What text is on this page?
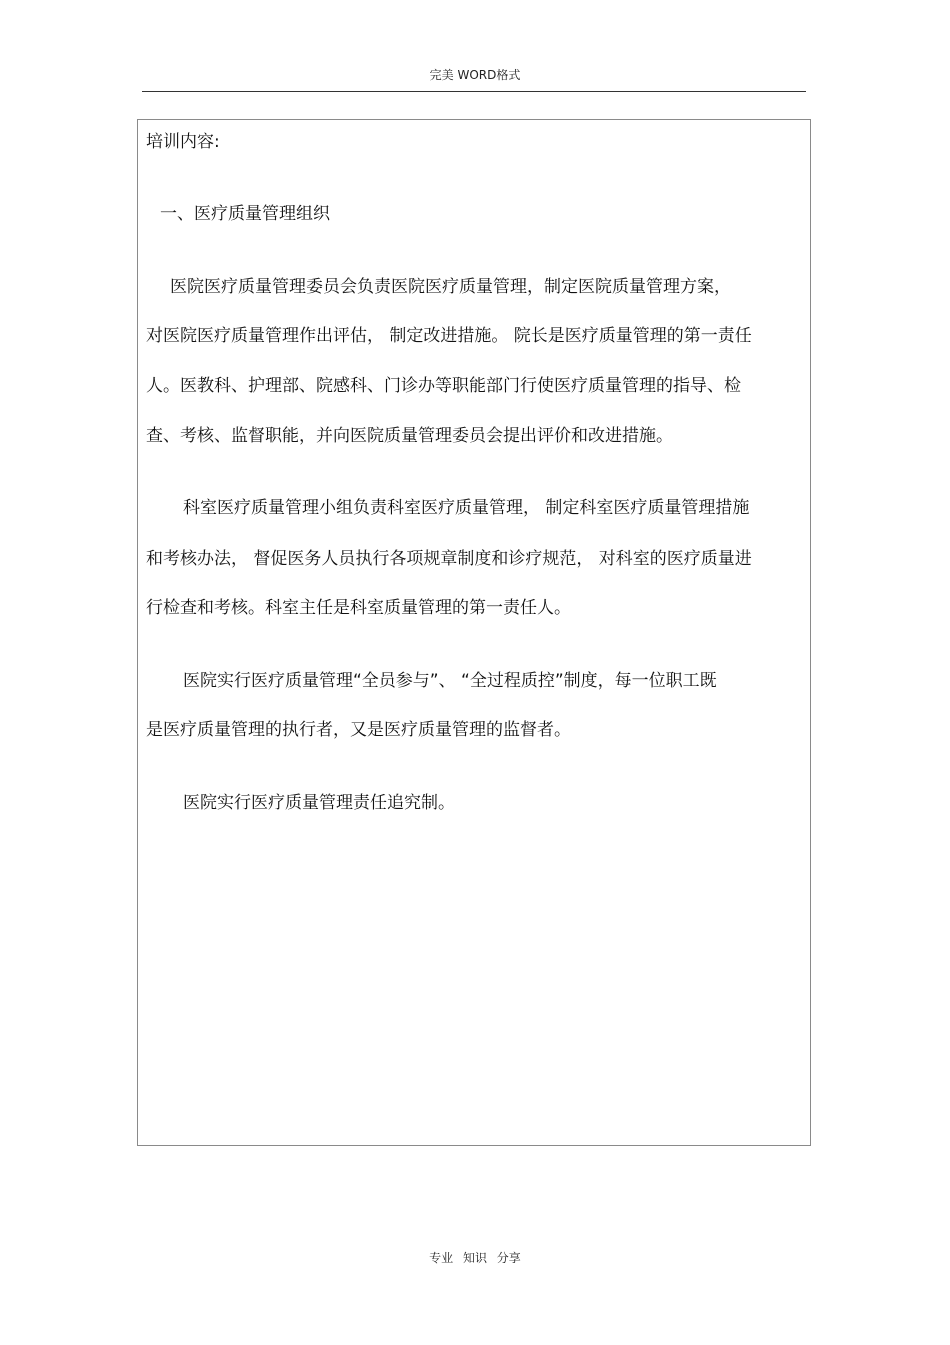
完美 WORD格式
培训内容:
一、医疗质量管理组织
医院医疗质量管理委员会负责医院医疗质量管理，制定医院质量管理方案，
对医院医疗质量管理作出评估， 制定改进措施。 院长是医疗质量管理的第一责任
人。医教科、护理部、院感科、门诊办等职能部门行使医疗质量管理的指导、检
查、考核、监督职能，并向医院质量管理委员会提出评价和改进措施。
科室医疗质量管理小组负责科室医疗质量管理， 制定科室医疗质量管理措施
和考核办法， 督促医务人员执行各项规章制度和诊疗规范， 对科室的医疗质量进
行检查和考核。科室主任是科室质量管理的第一责任人。
医院实行医疗质量管理“全员参与”、 “全过程质控”制度，每一位职工既
是医疗质量管理的执行者，又是医疗质量管理的监督者。
医院实行医疗质量管理责任追究制。
专业 知识 分享
